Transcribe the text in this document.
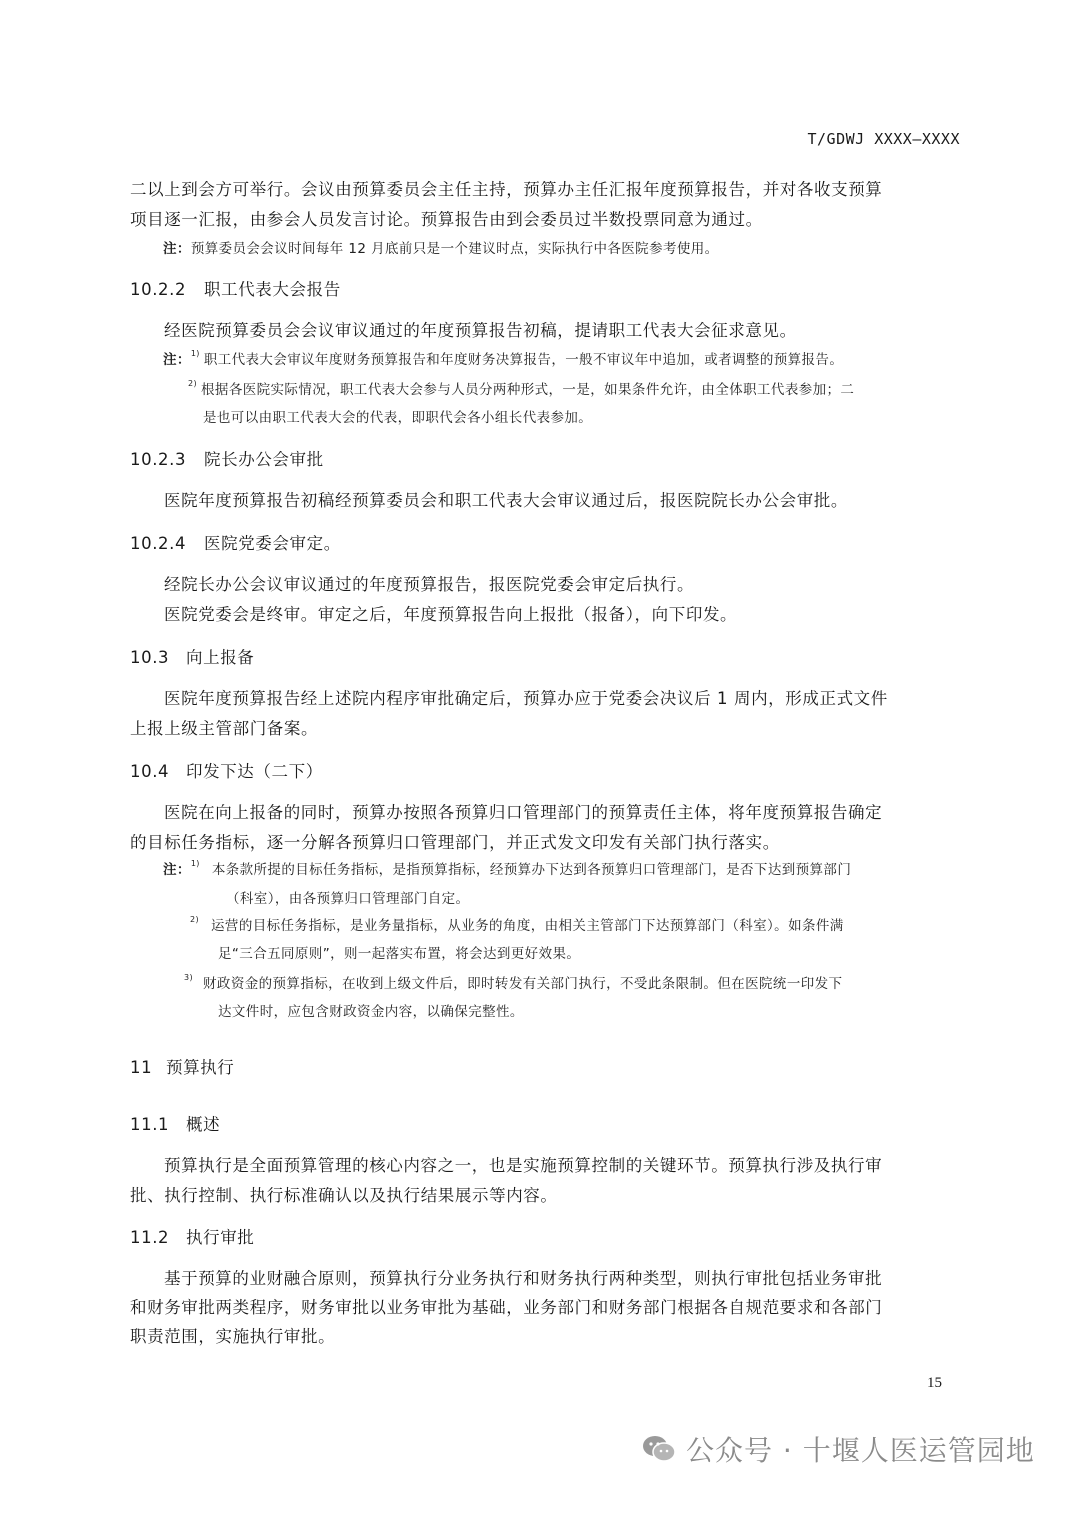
T/GDWJ XXXX—XXXX
二以上到会方可举行。会议由预算委员会主任主持，预算办主任汇报年度预算报告，并对各收支预算
项目逐一汇报，由参会人员发言讨论。预算报告由到会委员过半数投票同意为通过。
注：预算委员会会议时间每年 12 月底前只是一个建议时点，实际执行中各医院参考使用。
10.2.2 职工代表大会报告
经医院预算委员会会议审议通过的年度预算报告初稿，提请职工代表大会征求意见。
注：$^{1)}$ 职工代表大会审议年度财务预算报告和年度财务决算报告，一般不审议年中追加，或者调整的预算报告。
$^{2)}$ 根据各医院实际情况，职工代表大会参与人员分两种形式，一是，如果条件允许，由全体职工代表参加；二
是也可以由职工代表大会的代表，即职代会各小组长代表参加。
10.2.3 院长办公会审批
医院年度预算报告初稿经预算委员会和职工代表大会审议通过后，报医院院长办公会审批。
10.2.4 医院党委会审定。
经院长办公会议审议通过的年度预算报告，报医院党委会审定后执行。
医院党委会是终审。审定之后，年度预算报告向上报批（报备），向下印发。
10.3 向上报备
医院年度预算报告经上述院内程序审批确定后，预算办应于党委会决议后 1 周内，形成正式文件
上报上级主管部门备案。
10.4 印发下达（二下）
医院在向上报备的同时，预算办按照各预算归口管理部门的预算责任主体，将年度预算报告确定
的目标任务指标，逐一分解各预算归口管理部门，并正式发文印发有关部门执行落实。
注：$^{1)}$ 本条款所提的目标任务指标，是指预算指标，经预算办下达到各预算归口管理部门，是否下达到预算部门
（科室），由各预算归口管理部门自定。
$^{2)}$ 运营的目标任务指标，是业务量指标，从业务的角度，由相关主管部门下达预算部门（科室）。如条件满
足“三合五同原则”，则一起落实布置，将会达到更好效果。
$^{3)}$ 财政资金的预算指标，在收到上级文件后，即时转发有关部门执行，不受此条限制。但在医院统一印发下
达文件时，应包含财政资金内容，以确保完整性。
11 预算执行
11.1 概述
预算执行是全面预算管理的核心内容之一，也是实施预算控制的关键环节。预算执行涉及执行审
批、执行控制、执行标准确认以及执行结果展示等内容。
11.2 执行审批
基于预算的业财融合原则，预算执行分业务执行和财务执行两种类型，则执行审批包括业务审批
和财务审批两类程序，财务审批以业务审批为基础，业务部门和财务部门根据各自规范要求和各部门
职责范围，实施执行审批。
15
公众号 · 十堰人医运管园地
